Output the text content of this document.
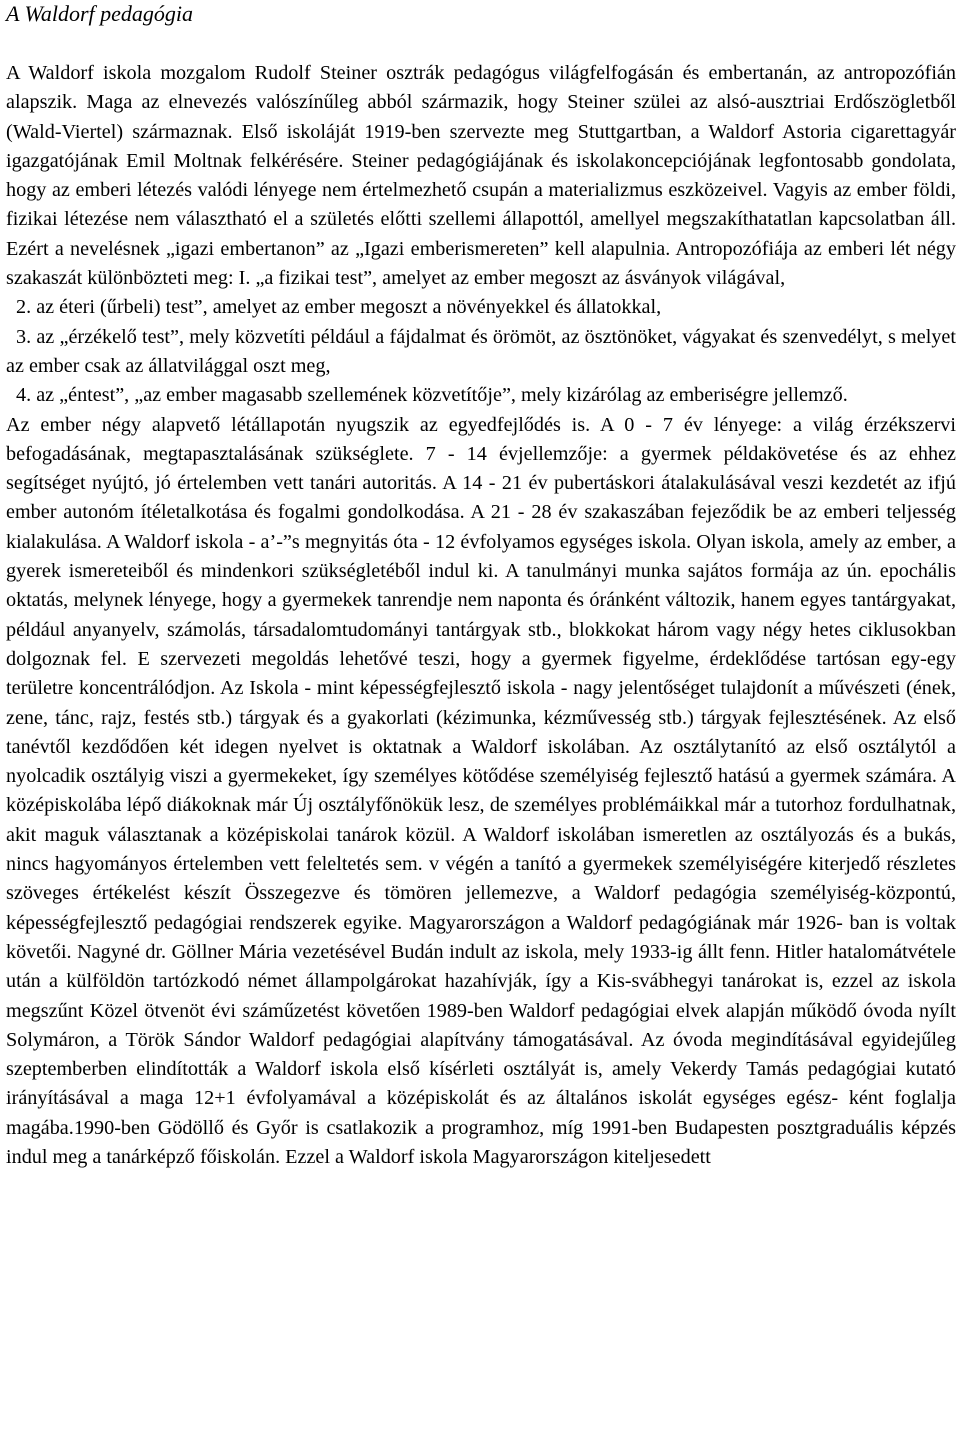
A Waldorf pedagógia

A Waldorf iskola mozgalom Rudolf Steiner osztrák pedagógus világfelfogásán és embertanán, az antropozófián alapszik. Maga az elnevezés valószínűleg abból származik, hogy Steiner szülei az alsó-ausztriai Erdőszögletből (Wald-Viertel) származnak. Első iskoláját 1919-ben szervezte meg Stuttgartban, a Waldorf Astoria cigarettagyár igazgatójának Emil Moltnak felkérésére. Steiner pedagógiájának és iskolakoncepciójának legfontosabb gondolata, hogy az emberi létezés valódi lényege nem értelmezhető csupán a materializmus eszközeivel. Vagyis az ember földi, fizikai létezése nem választható el a születés előtti szellemi állapottól, amellyel megszakíthatatlan kapcsolatban áll. Ezért a nevelésnek „igazi embertanon” az „Igazi emberismereten” kell alapulnia. Antropozófiája az emberi lét négy szakaszát különbözteti meg: I. „a fizikai test”, amelyet az ember megoszt az ásványok világával,

2. az éteri (űrbeli) test”, amelyet az ember megoszt a növényekkel és állatokkal,

3. az „érzékelő test”, mely közvetíti például a fájdalmat és örömöt, az ösztönöket, vágyakat és szenvedélyt, s melyet az ember csak az állatvilággal oszt meg,

4. az „éntest”, „az ember magasabb szellemének közvetítője”, mely kizárólag az emberiségre jellemző.

Az ember négy alapvető létállapotán nyugszik az egyedfejlődés is. A 0 - 7 év lényege: a világ érzékszervi befogadásának, megtapasztalásának szükséglete. 7 - 14 évjellemzője: a gyermek példakövetése és az ehhez segítséget nyújtó, jó értelemben vett tanári autoritás. A 14 - 21 év pubertáskori átalakulásával veszi kezdetét az ifjú ember autonóm ítéletalkotása és fogalmi gondolkodása. A 21 - 28 év szakaszában fejeződik be az emberi teljesség kialakulása. A Waldorf iskola - a’-”s megnyitás óta - 12 évfolyamos egységes iskola. Olyan iskola, amely az ember, a gyerek ismereteiből és mindenkori szükségletéből indul ki. A tanulmányi munka sajátos formája az ún. epochális oktatás, melynek lényege, hogy a gyermekek tanrendje nem naponta és óránként változik, hanem egyes tantárgyakat, például anyanyelv, számolás, társadalomtudományi tantárgyak stb., blokkokat három vagy négy hetes ciklusokban dolgoznak fel. E szervezeti megoldás lehetővé teszi, hogy a gyermek figyelme, érdeklődése tartósan egy-egy területre koncentrálódjon. Az Iskola - mint képességfejlesztő iskola - nagy jelentőséget tulajdonít a művészeti (ének, zene, tánc, rajz, festés stb.) tárgyak és a gyakorlati (kézimunka, kézművesség stb.) tárgyak fejlesztésének. Az első tanévtől kezdődően két idegen nyelvet is oktatnak a Waldorf iskolában. Az osztálytanító az első osztálytól a nyolcadik osztályig viszi a gyermekeket, így személyes kötődése személyiség fejlesztő hatású a gyermek számára. A középiskolába lépő diákoknak már Új osztályfőnökük lesz, de személyes problémáikkal már a tutorhoz fordulhatnak, akit maguk választanak a középiskolai tanárok közül. A Waldorf iskolában ismeretlen az osztályozás és a bukás, nincs hagyományos értelemben vett feleltetés sem. v végén a tanító a gyermekek személyiségére kiterjedő részletes szöveges értékelést készít Összegezve és tömören jellemezve, a Waldorf pedagógia személyiség-központú, képességfejlesztő pedagógiai rendszerek egyike. Magyarországon a Waldorf pedagógiának már 1926- ban is voltak követői. Nagyné dr. Göllner Mária vezetésével Budán indult az iskola, mely 1933-ig állt fenn. Hitler hatalomátvétele után a külföldön tartózkodó német állampolgárokat hazahívják, így a Kis-svábhegyi tanárokat is, ezzel az iskola megszűnt Közel ötvenöt évi száműzetést követően 1989-ben Waldorf pedagógiai elvek alapján működő óvoda nyílt Solymáron, a Török Sándor Waldorf pedagógiai alapítvány támogatásával. Az óvoda megindításával egyidejűleg szeptemberben elindították a Waldorf iskola első kísérleti osztályát is, amely Vekerdy Tamás pedagógiai kutató irányításával a maga 12+1 évfolyamával a középiskolát és az általános iskolát egységes egész- ként foglalja magába.1990-ben Gödöllő és Győr is csatlakozik a programhoz, míg 1991-ben Budapesten posztgraduális képzés indul meg a tanárképző főiskolán. Ezzel a Waldorf iskola Magyarországon kiteljesedett
